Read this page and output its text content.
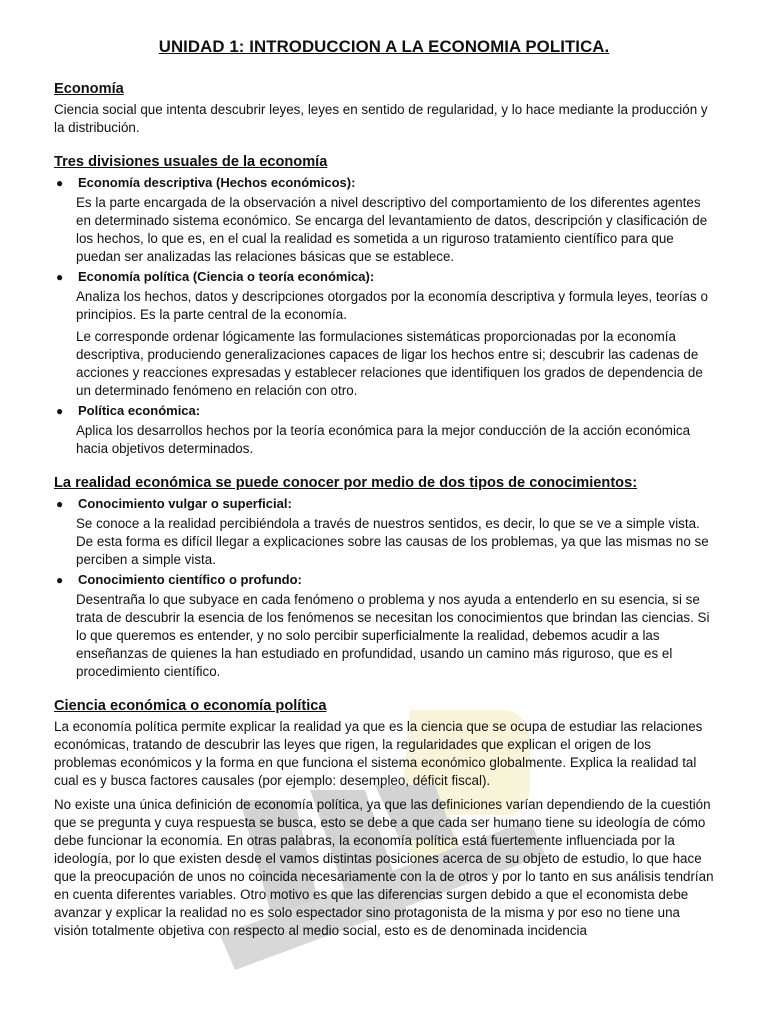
UNIDAD 1: INTRODUCCION A LA ECONOMIA POLITICA.
Economía

Ciencia social que intenta descubrir leyes, leyes en sentido de regularidad, y lo hace mediante la producción y la distribución.

Tres divisiones usuales de la economía
●	Economía descriptiva (Hechos económicos):

Es la parte encargada de la observación a nivel descriptivo del comportamiento de los diferentes agentes en determinado sistema económico. Se encarga del levantamiento de datos, descripción y clasificación de los hechos, lo que es, en el cual la realidad es sometida a un riguroso tratamiento científico para que puedan ser analizadas las relaciones básicas que se establece.

●	Economía política (Ciencia o teoría económica):

Analiza los hechos, datos y descripciones otorgados por la economía descriptiva y formula leyes, teorías o principios. Es la parte central de la economía.

Le corresponde ordenar lógicamente las formulaciones sistemáticas proporcionadas por la economía descriptiva, produciendo generalizaciones capaces de ligar los hechos entre si; descubrir las cadenas de acciones y reacciones expresadas y establecer relaciones que identifiquen los grados de dependencia de un determinado fenómeno en relación con otro.

●	Política económica:

Aplica los desarrollos hechos por la teoría económica para la mejor conducción de la acción económica hacia objetivos determinados.

La realidad económica se puede conocer por medio de dos tipos de conocimientos:
●	Conocimiento vulgar o superficial:

Se conoce a la realidad percibiéndola a través de nuestros sentidos, es decir, lo que se ve a simple vista. De esta forma es difícil llegar a explicaciones sobre las causas de los problemas, ya que las mismas no se perciben a simple vista.

●	Conocimiento científico o profundo:

Desentraña lo que subyace en cada fenómeno o problema y nos ayuda a entenderlo en su esencia, si se trata de descubrir la esencia de los fenómenos se necesitan los conocimientos que brindan las ciencias. Si lo que queremos es entender, y no solo percibir superficialmente la realidad, debemos acudir a las enseñanzas de quienes la han estudiado en profundidad, usando un camino más riguroso, que es el procedimiento científico.

Ciencia económica o economía política

La economía política permite explicar la realidad ya que es la ciencia que se ocupa de estudiar las relaciones económicas, tratando de descubrir las leyes que rigen, la regularidades que explican el origen de los problemas económicos y la forma en que funciona el sistema económico globalmente. Explica la realidad tal cual es y busca factores causales (por ejemplo: desempleo, déficit fiscal).

No existe una única definición de economía política, ya que las definiciones varían dependiendo de la cuestión que se pregunta y cuya respuesta se busca, esto se debe a que cada ser humano tiene su ideología de cómo debe funcionar la economía. En otras palabras, la economía política está fuertemente influenciada por la ideología, por lo que existen desde el vamos distintas posiciones acerca de su objeto de estudio, lo que hace que la preocupación de unos no coincida necesariamente con la de otros y por lo tanto en sus análisis tendrían en cuenta diferentes variables. Otro motivo es que las diferencias surgen debido a que el economista debe avanzar y explicar la realidad no es solo espectador sino protagonista de la misma y por eso no tiene una visión totalmente objetiva con respecto al medio social, esto es de denominada incidencia
